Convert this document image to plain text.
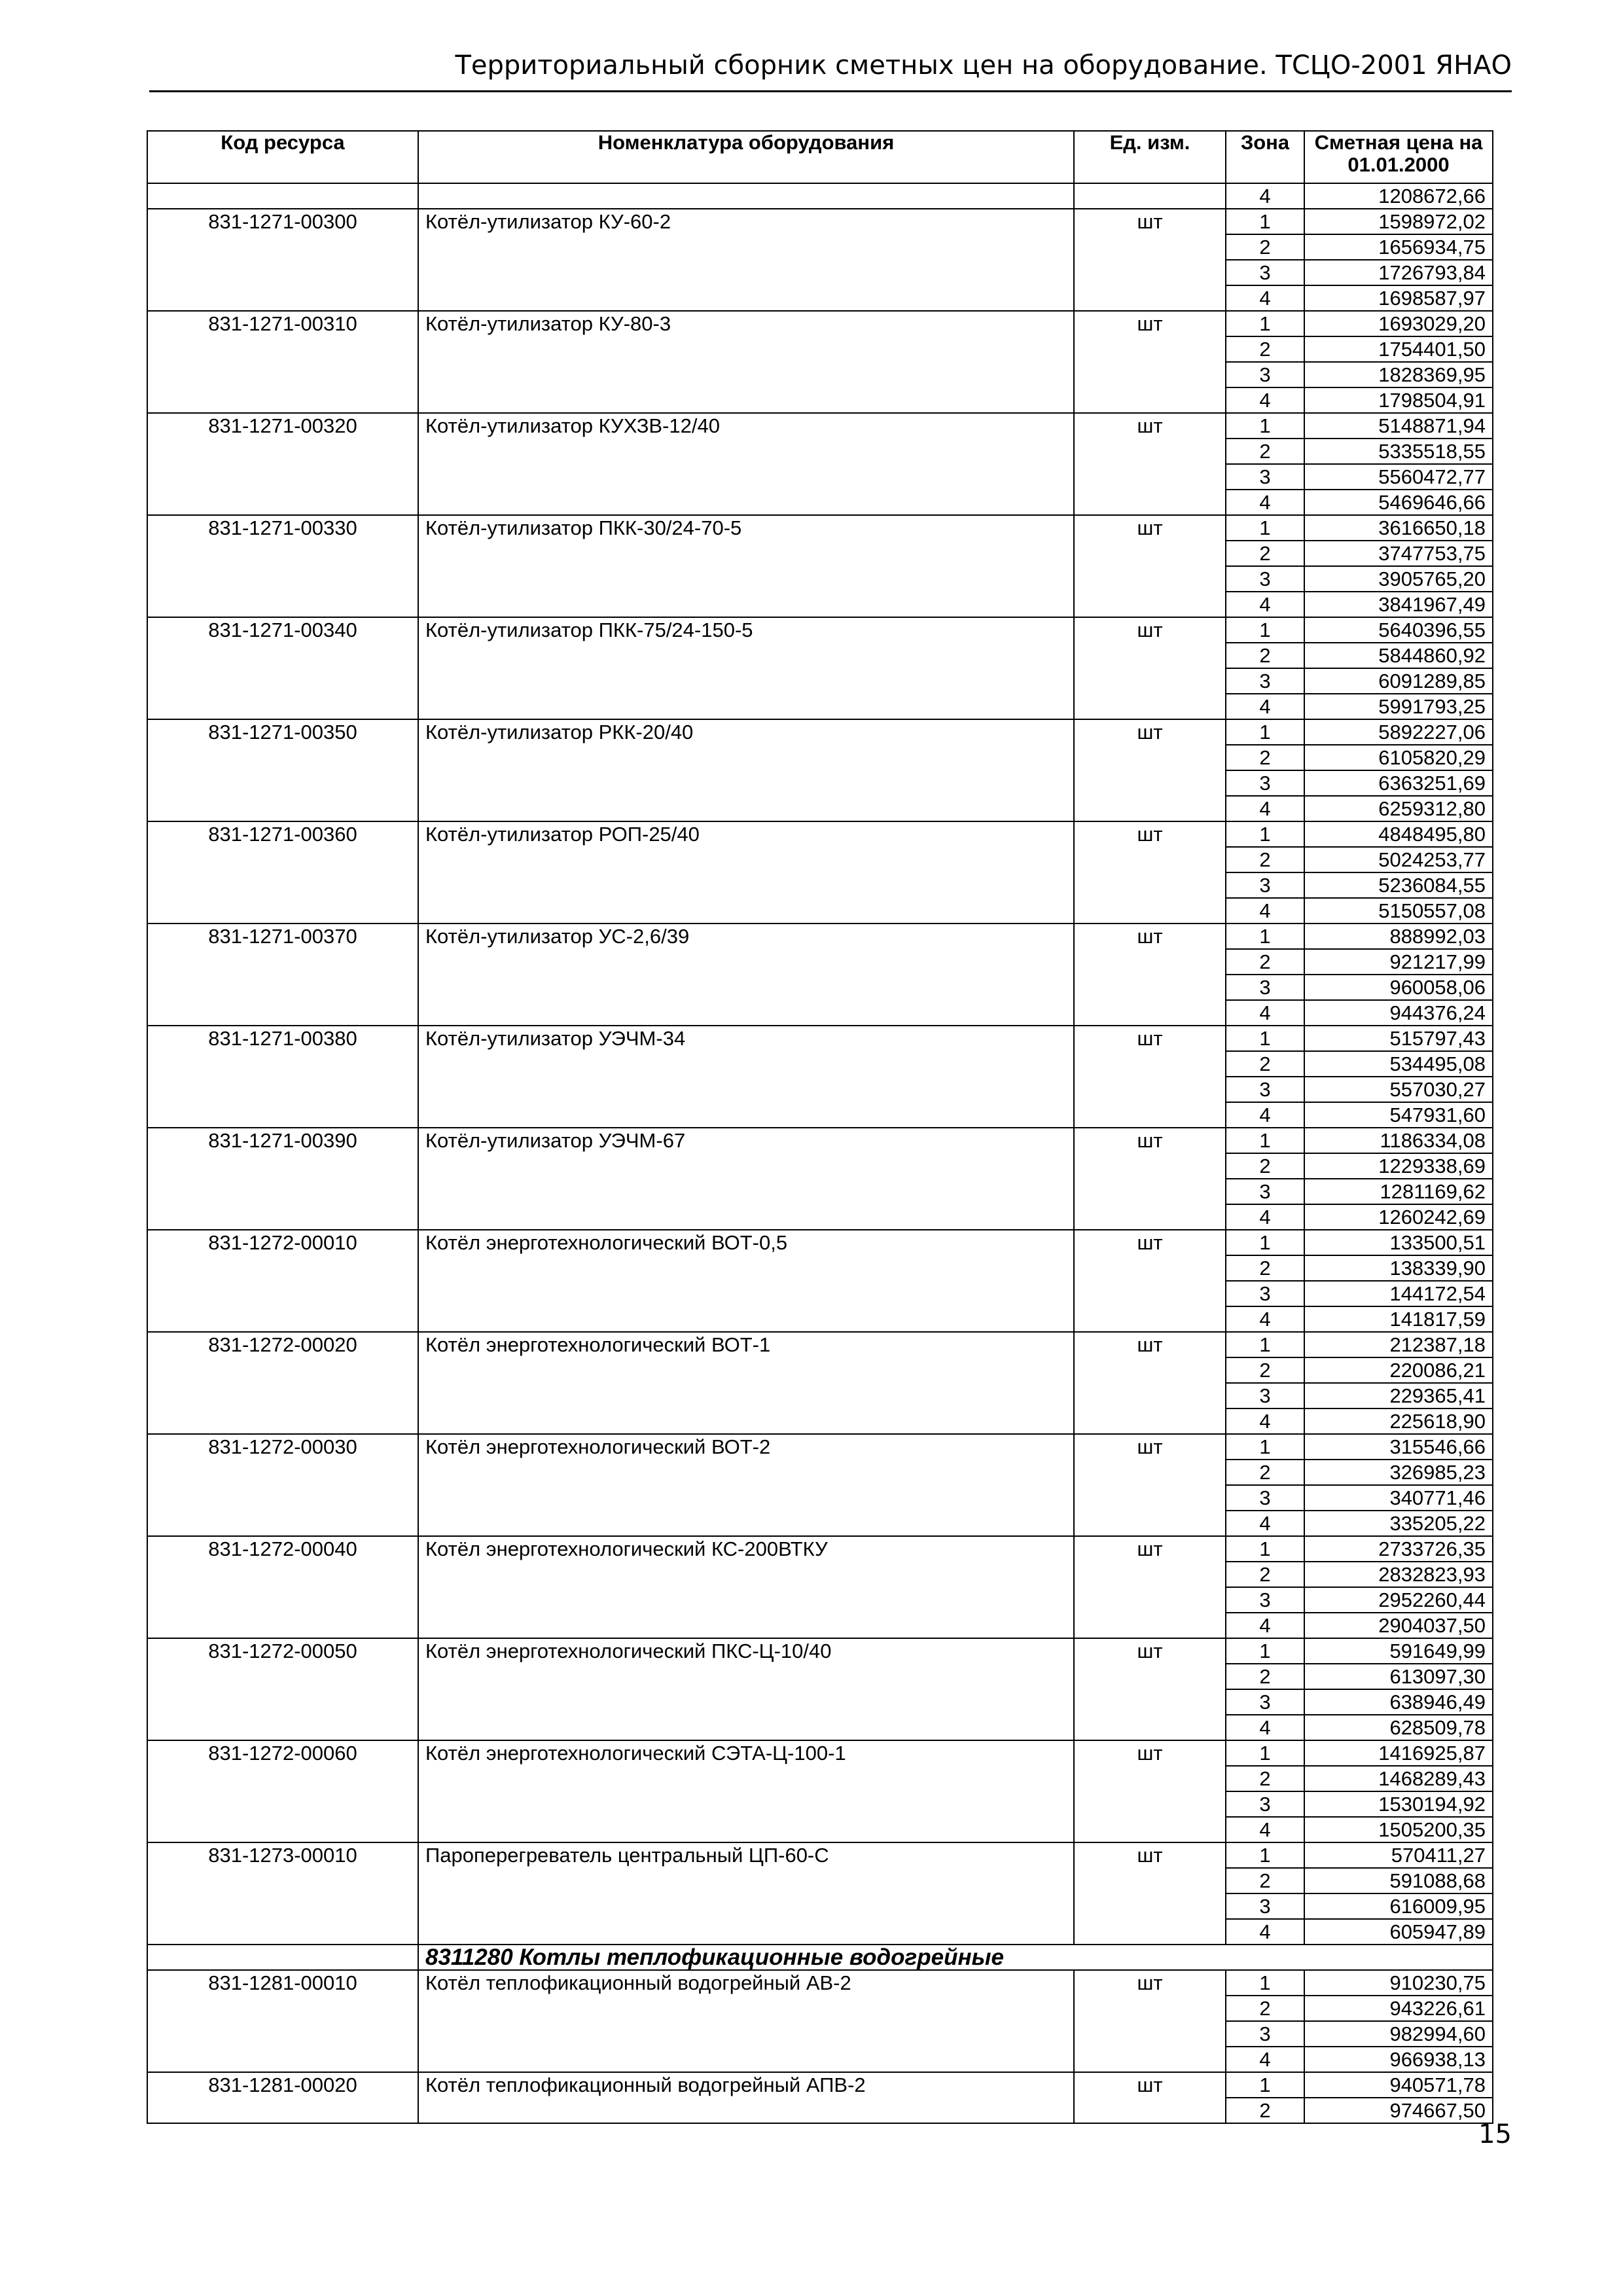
Территориальный сборник сметных цен на оборудование. ТСЦО-2001 ЯНАО
Код ресурса	Номенклатура оборудования	Ед. изм.	Зона	Сметная цена на 01.01.2000
			4	1208672,66
831-1271-00300	Котёл-утилизатор КУ-60-2	шт	1	1598972,02
			2	1656934,75
			3	1726793,84
			4	1698587,97
831-1271-00310	Котёл-утилизатор КУ-80-3	шт	1	1693029,20
			2	1754401,50
			3	1828369,95
			4	1798504,91
831-1271-00320	Котёл-утилизатор КУХЗВ-12/40	шт	1	5148871,94
			2	5335518,55
			3	5560472,77
			4	5469646,66
831-1271-00330	Котёл-утилизатор ПКК-30/24-70-5	шт	1	3616650,18
			2	3747753,75
			3	3905765,20
			4	3841967,49
831-1271-00340	Котёл-утилизатор ПКК-75/24-150-5	шт	1	5640396,55
			2	5844860,92
			3	6091289,85
			4	5991793,25
831-1271-00350	Котёл-утилизатор РКК-20/40	шт	1	5892227,06
			2	6105820,29
			3	6363251,69
			4	6259312,80
831-1271-00360	Котёл-утилизатор РОП-25/40	шт	1	4848495,80
			2	5024253,77
			3	5236084,55
			4	5150557,08
831-1271-00370	Котёл-утилизатор УС-2,6/39	шт	1	888992,03
			2	921217,99
			3	960058,06
			4	944376,24
831-1271-00380	Котёл-утилизатор УЭЧМ-34	шт	1	515797,43
			2	534495,08
			3	557030,27
			4	547931,60
831-1271-00390	Котёл-утилизатор УЭЧМ-67	шт	1	1186334,08
			2	1229338,69
			3	1281169,62
			4	1260242,69
831-1272-00010	Котёл энерготехнологический ВОТ-0,5	шт	1	133500,51
			2	138339,90
			3	144172,54
			4	141817,59
831-1272-00020	Котёл энерготехнологический ВОТ-1	шт	1	212387,18
			2	220086,21
			3	229365,41
			4	225618,90
831-1272-00030	Котёл энерготехнологический ВОТ-2	шт	1	315546,66
			2	326985,23
			3	340771,46
			4	335205,22
831-1272-00040	Котёл энерготехнологический КС-200ВТКУ	шт	1	2733726,35
			2	2832823,93
			3	2952260,44
			4	2904037,50
831-1272-00050	Котёл энерготехнологический ПКС-Ц-10/40	шт	1	591649,99
			2	613097,30
			3	638946,49
			4	628509,78
831-1272-00060	Котёл энерготехнологический СЭТА-Ц-100-1	шт	1	1416925,87
			2	1468289,43
			3	1530194,92
			4	1505200,35
831-1273-00010	Пароперегреватель центральный ЦП-60-С	шт	1	570411,27
			2	591088,68
			3	616009,95
			4	605947,89
	8311280 Котлы теплофикационные водогрейные			
831-1281-00010	Котёл теплофикационный водогрейный АВ-2	шт	1	910230,75
			2	943226,61
			3	982994,60
			4	966938,13
831-1281-00020	Котёл теплофикационный водогрейный АПВ-2	шт	1	940571,78
			2	974667,50
15
